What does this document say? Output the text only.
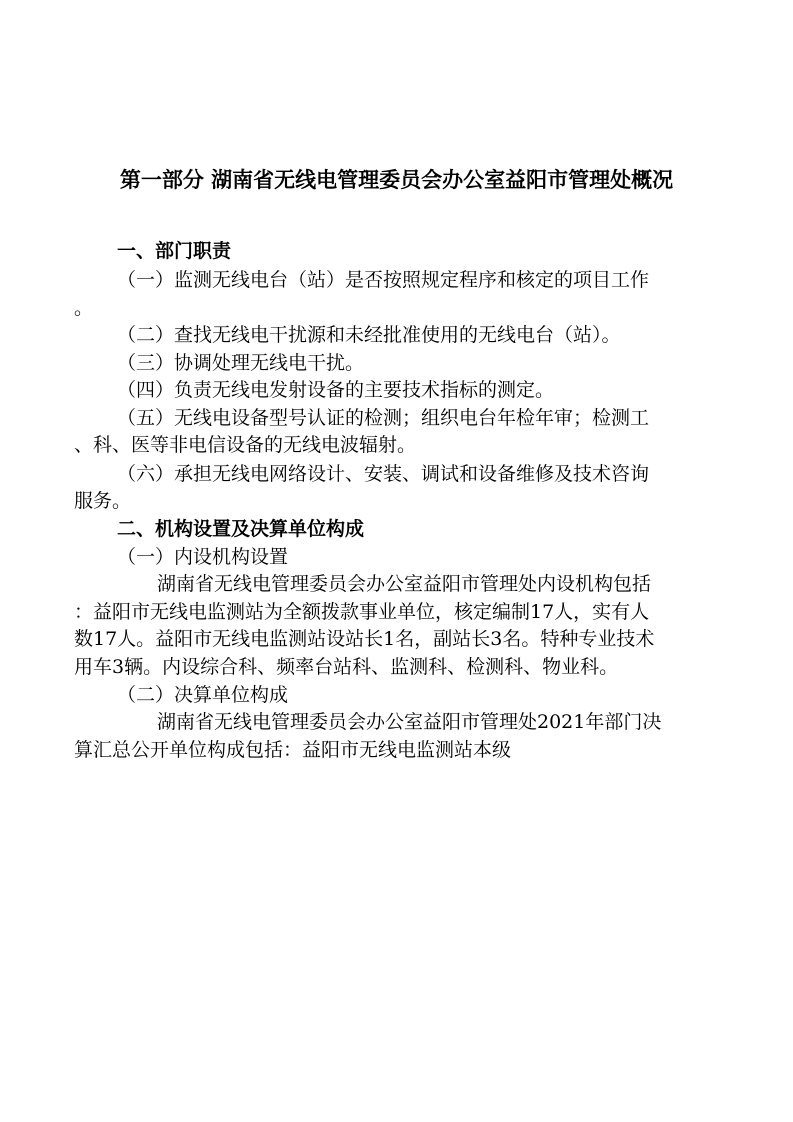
第一部分 湖南省无线电管理委员会办公室益阳市管理处概况
一、部门职责
（一）监测无线电台（站）是否按照规定程序和核定的项目工作
。
（二）查找无线电干扰源和未经批准使用的无线电台（站）。
（三）协调处理无线电干扰。
（四）负责无线电发射设备的主要技术指标的测定。
（五）无线电设备型号认证的检测；组织电台年检年审；检测工
、科、医等非电信设备的无线电波辐射。
（六）承担无线电网络设计、安装、调试和设备维修及技术咨询
服务。
二、机构设置及决算单位构成
（一）内设机构设置
湖南省无线电管理委员会办公室益阳市管理处内设机构包括
：益阳市无线电监测站为全额拨款事业单位，核定编制17人，实有人
数17人。益阳市无线电监测站设站长1名，副站长3名。特种专业技术
用车3辆。内设综合科、频率台站科、监测科、检测科、物业科。
（二）决算单位构成
湖南省无线电管理委员会办公室益阳市管理处2021年部门决
算汇总公开单位构成包括：益阳市无线电监测站本级
